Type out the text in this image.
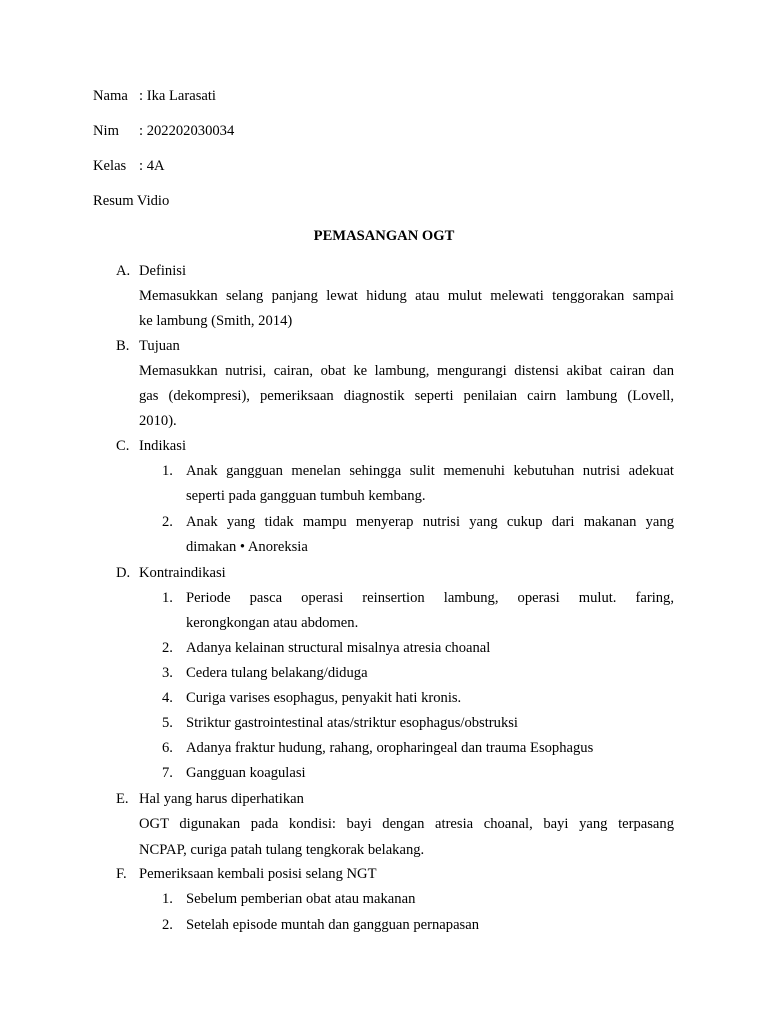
Nama : Ika Larasati
Nim : 202202030034
Kelas : 4A
Resum Vidio
PEMASANGAN OGT
A. Definisi
Memasukkan selang panjang lewat hidung atau mulut melewati tenggorakan sampai
ke lambung (Smith, 2014)
B. Tujuan
Memasukkan nutrisi, cairan, obat ke lambung, mengurangi distensi akibat cairan dan
gas (dekompresi), pemeriksaan diagnostik seperti penilaian cairn lambung (Lovell,
2010).
C. Indikasi
1. Anak gangguan menelan sehingga sulit memenuhi kebutuhan nutrisi adekuat
seperti pada gangguan tumbuh kembang.
2. Anak yang tidak mampu menyerap nutrisi yang cukup dari makanan yang
dimakan • Anoreksia
D. Kontraindikasi
1. Periode pasca operasi reinsertion lambung, operasi mulut. faring,
kerongkongan atau abdomen.
2. Adanya kelainan structural misalnya atresia choanal
3. Cedera tulang belakang/diduga
4. Curiga varises esophagus, penyakit hati kronis.
5. Striktur gastrointestinal atas/striktur esophagus/obstruksi
6. Adanya fraktur hudung, rahang, oropharingeal dan trauma Esophagus
7. Gangguan koagulasi
E. Hal yang harus diperhatikan
OGT digunakan pada kondisi: bayi dengan atresia choanal, bayi yang terpasang
NCPAP, curiga patah tulang tengkorak belakang.
F. Pemeriksaan kembali posisi selang NGT
1. Sebelum pemberian obat atau makanan
2. Setelah episode muntah dan gangguan pernapasan
